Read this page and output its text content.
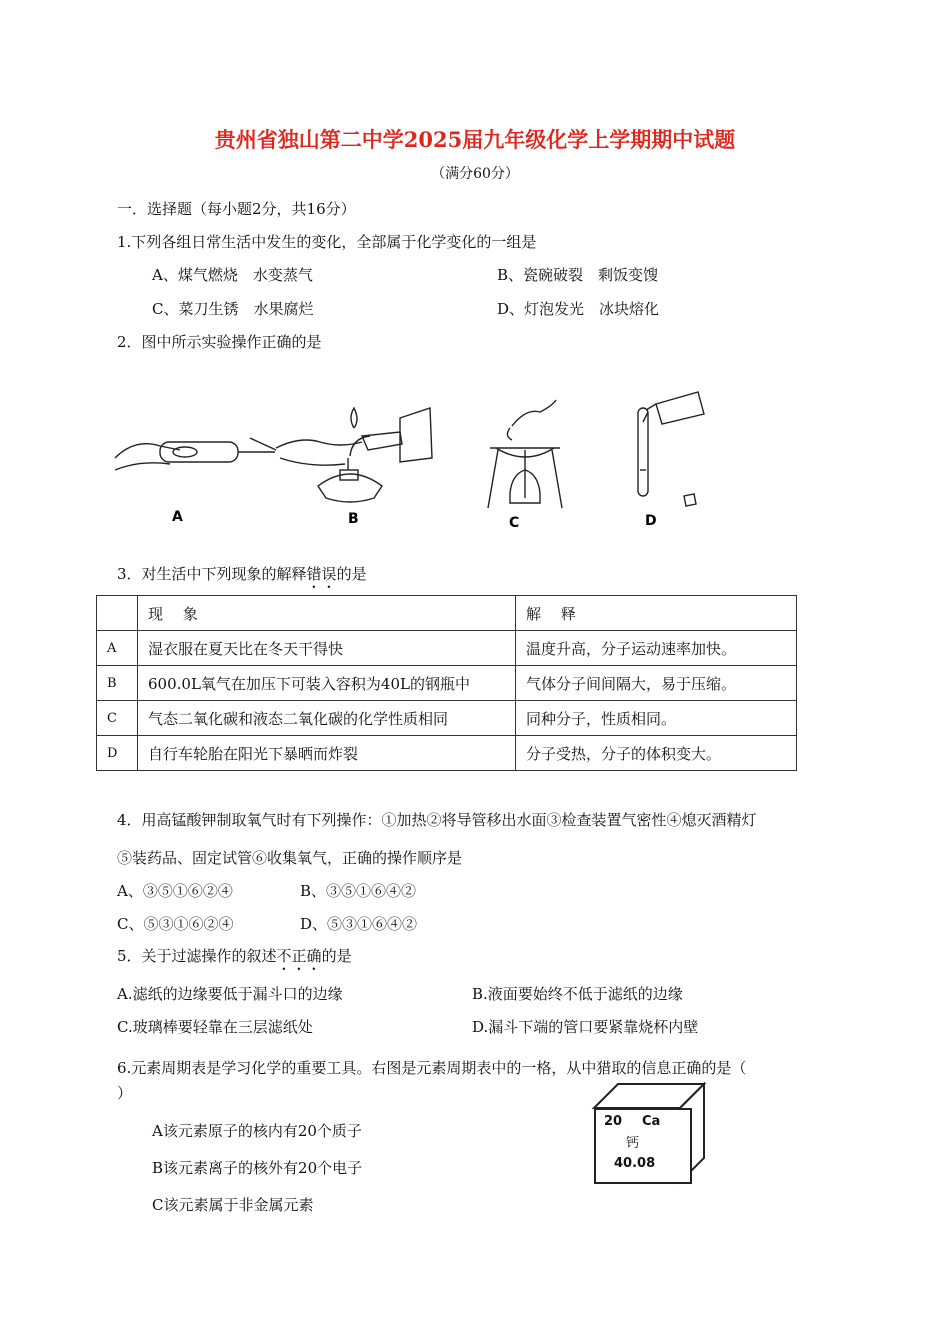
贵州省独山第二中学2025届九年级化学上学期期中试题
（满分60分）
一．选择题（每小题2分，共16分）
1.下列各组日常生活中发生的变化，全部属于化学变化的一组是
A、煤气燃烧　水变蒸气	B、瓷碗破裂　剩饭变馊
C、菜刀生锈　水果腐烂	D、灯泡发光　冰块熔化
2．图中所示实验操作正确的是
A	B	C	D
3．对生活中下列现象的解释错误的是
	现　 象	解　 释
A	湿衣服在夏天比在冬天干得快	温度升高，分子运动速率加快。
B	600.0L氧气在加压下可装入容积为40L的钢瓶中	气体分子间间隔大，易于压缩。
C	气态二氧化碳和液态二氧化碳的化学性质相同	同种分子，性质相同。
D	自行车轮胎在阳光下暴晒而炸裂	分子受热，分子的体积变大。
4．用高锰酸钾制取氧气时有下列操作：①加热②将导管移出水面③检查装置气密性④熄灭酒精灯
⑤装药品、固定试管⑥收集氧气，正确的操作顺序是
A、③⑤①⑥②④	B、③⑤①⑥④②
C、⑤③①⑥②④	D、⑤③①⑥④②
5．关于过滤操作的叙述不正确的是
A.滤纸的边缘要低于漏斗口的边缘	B.液面要始终不低于滤纸的边缘
C.玻璃棒要轻靠在三层滤纸处	D.漏斗下端的管口要紧靠烧杯内壁
6.元素周期表是学习化学的重要工具。右图是元素周期表中的一格，从中猎取的信息正确的是（
）
A该元素原子的核内有20个质子
B该元素离子的核外有20个电子
C该元素属于非金属元素
20 Ca
钙
40.08
